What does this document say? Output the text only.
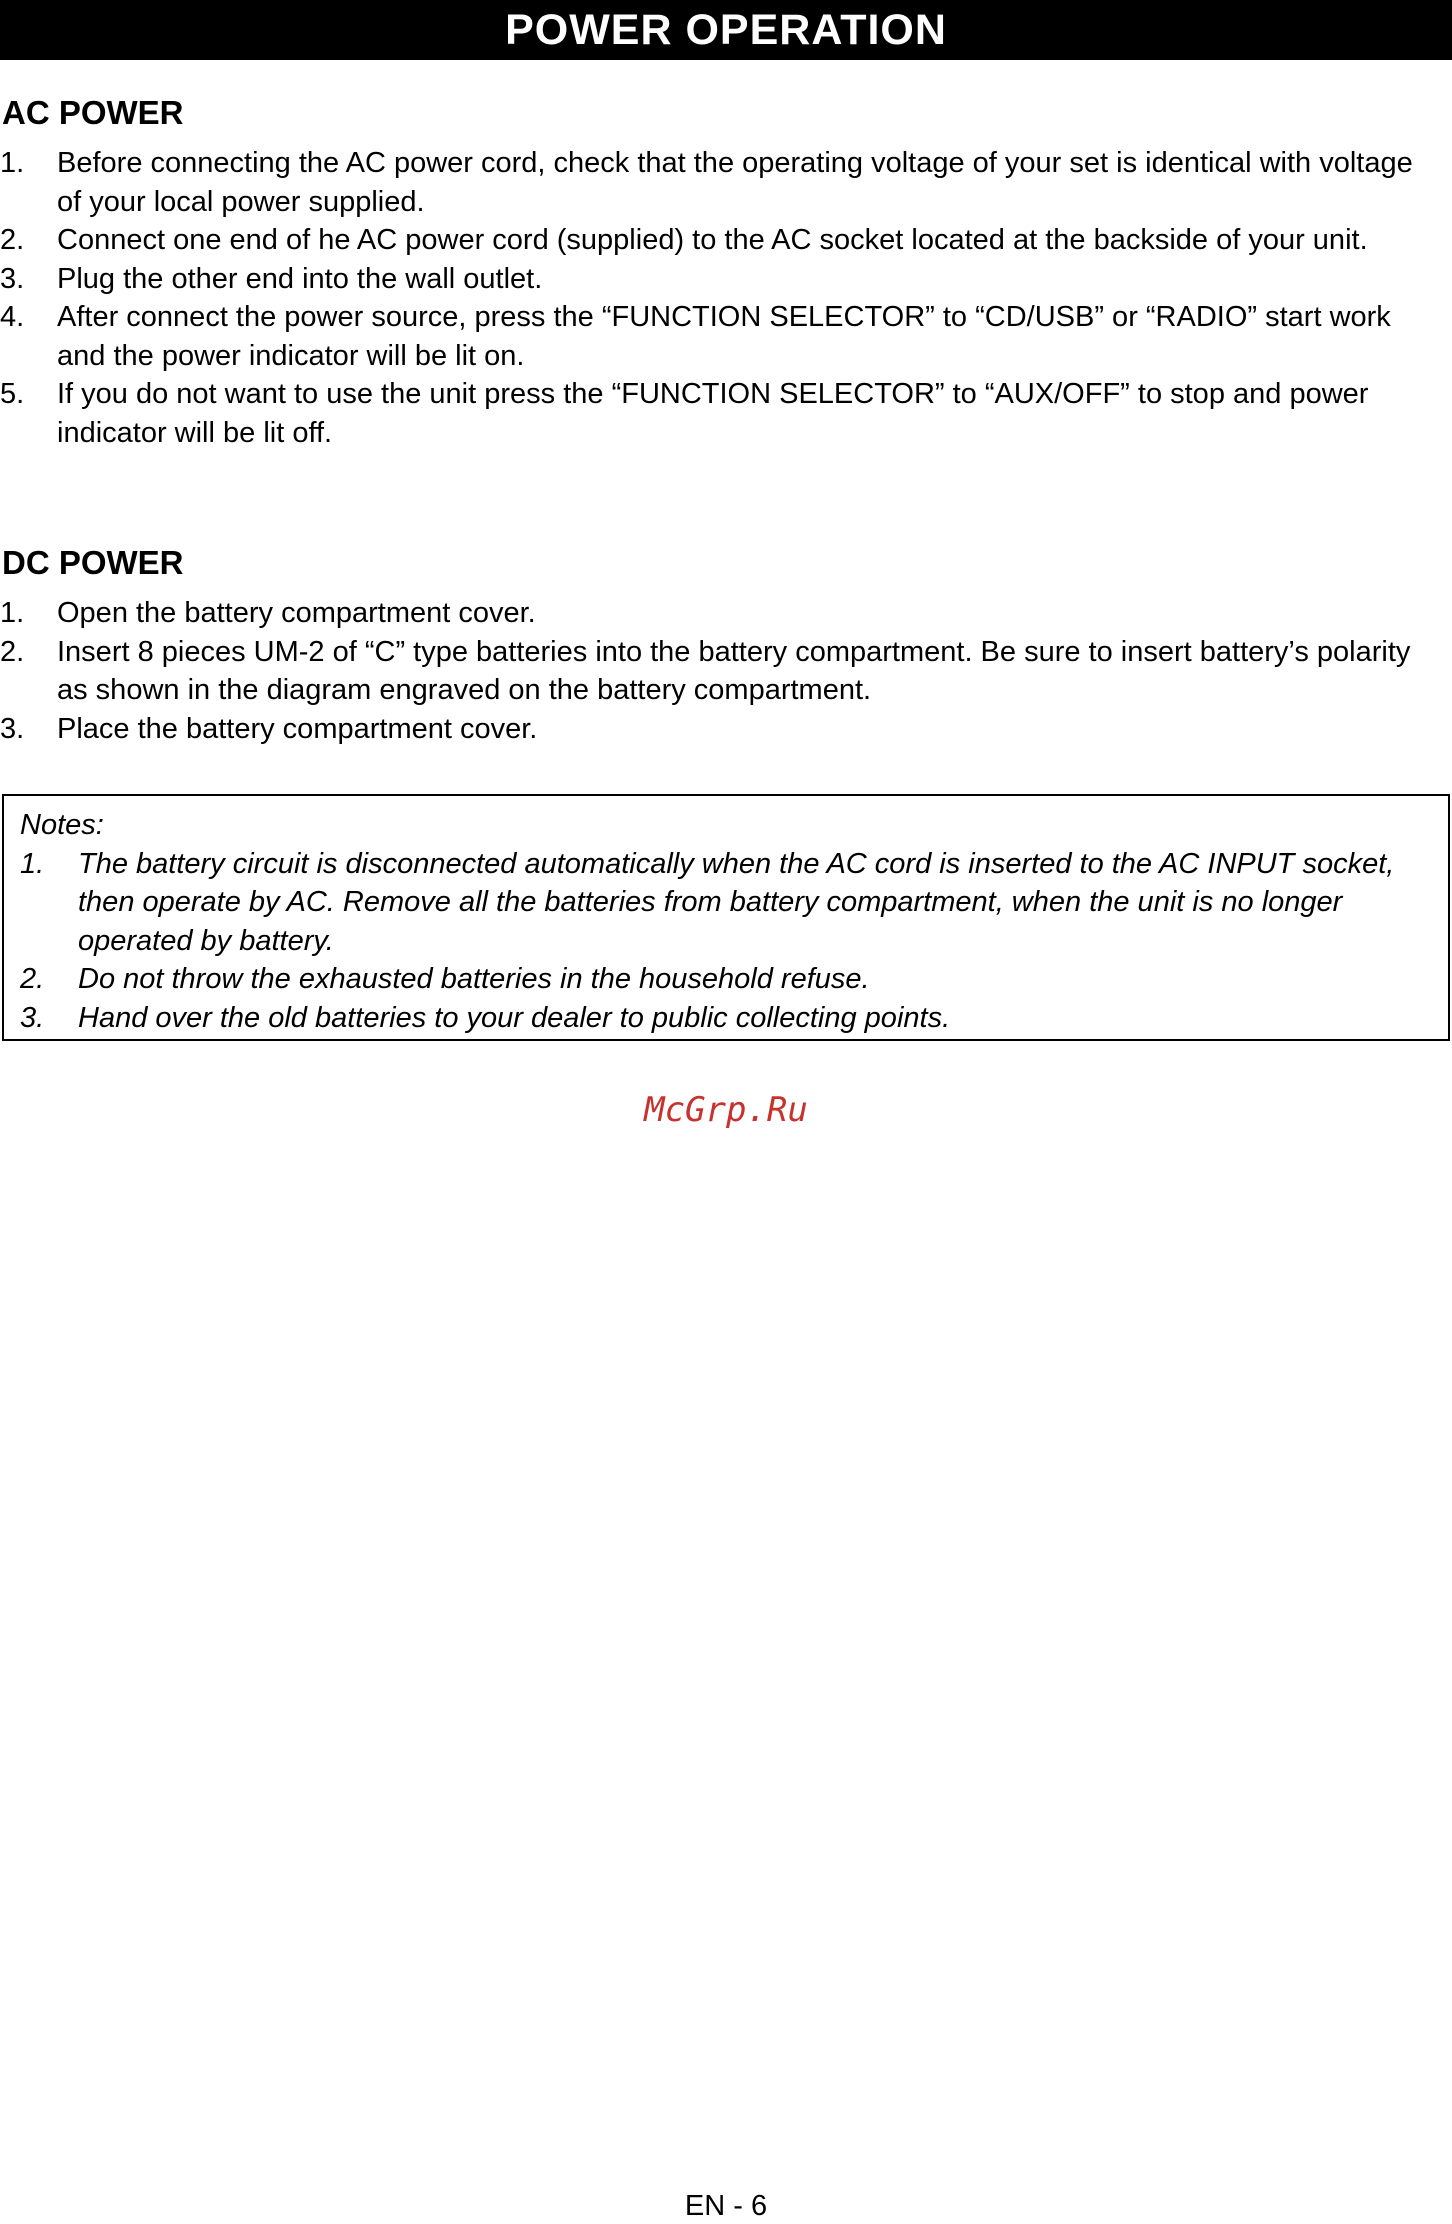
POWER OPERATION
AC POWER
1. Before connecting the AC power cord, check that the operating voltage of your set is identical with voltage of your local power supplied.
2. Connect one end of he AC power cord (supplied) to the AC socket located at the backside of your unit.
3. Plug the other end into the wall outlet.
4. After connect the power source, press the “FUNCTION SELECTOR” to “CD/USB” or “RADIO” start work and the power indicator will be lit on.
5. If you do not want to use the unit press the “FUNCTION SELECTOR” to “AUX/OFF” to stop and power indicator will be lit off.
DC POWER
1. Open the battery compartment cover.
2. Insert 8 pieces UM-2 of “C” type batteries into the battery compartment. Be sure to insert battery’s polarity as shown in the diagram engraved on the battery compartment.
3. Place the battery compartment cover.
Notes:
1. The battery circuit is disconnected automatically when the AC cord is inserted to the AC INPUT socket, then operate by AC. Remove all the batteries from battery compartment, when the unit is no longer operated by battery.
2. Do not throw the exhausted batteries in the household refuse.
3. Hand over the old batteries to your dealer to public collecting points.
McGrp.Ru
EN - 6
